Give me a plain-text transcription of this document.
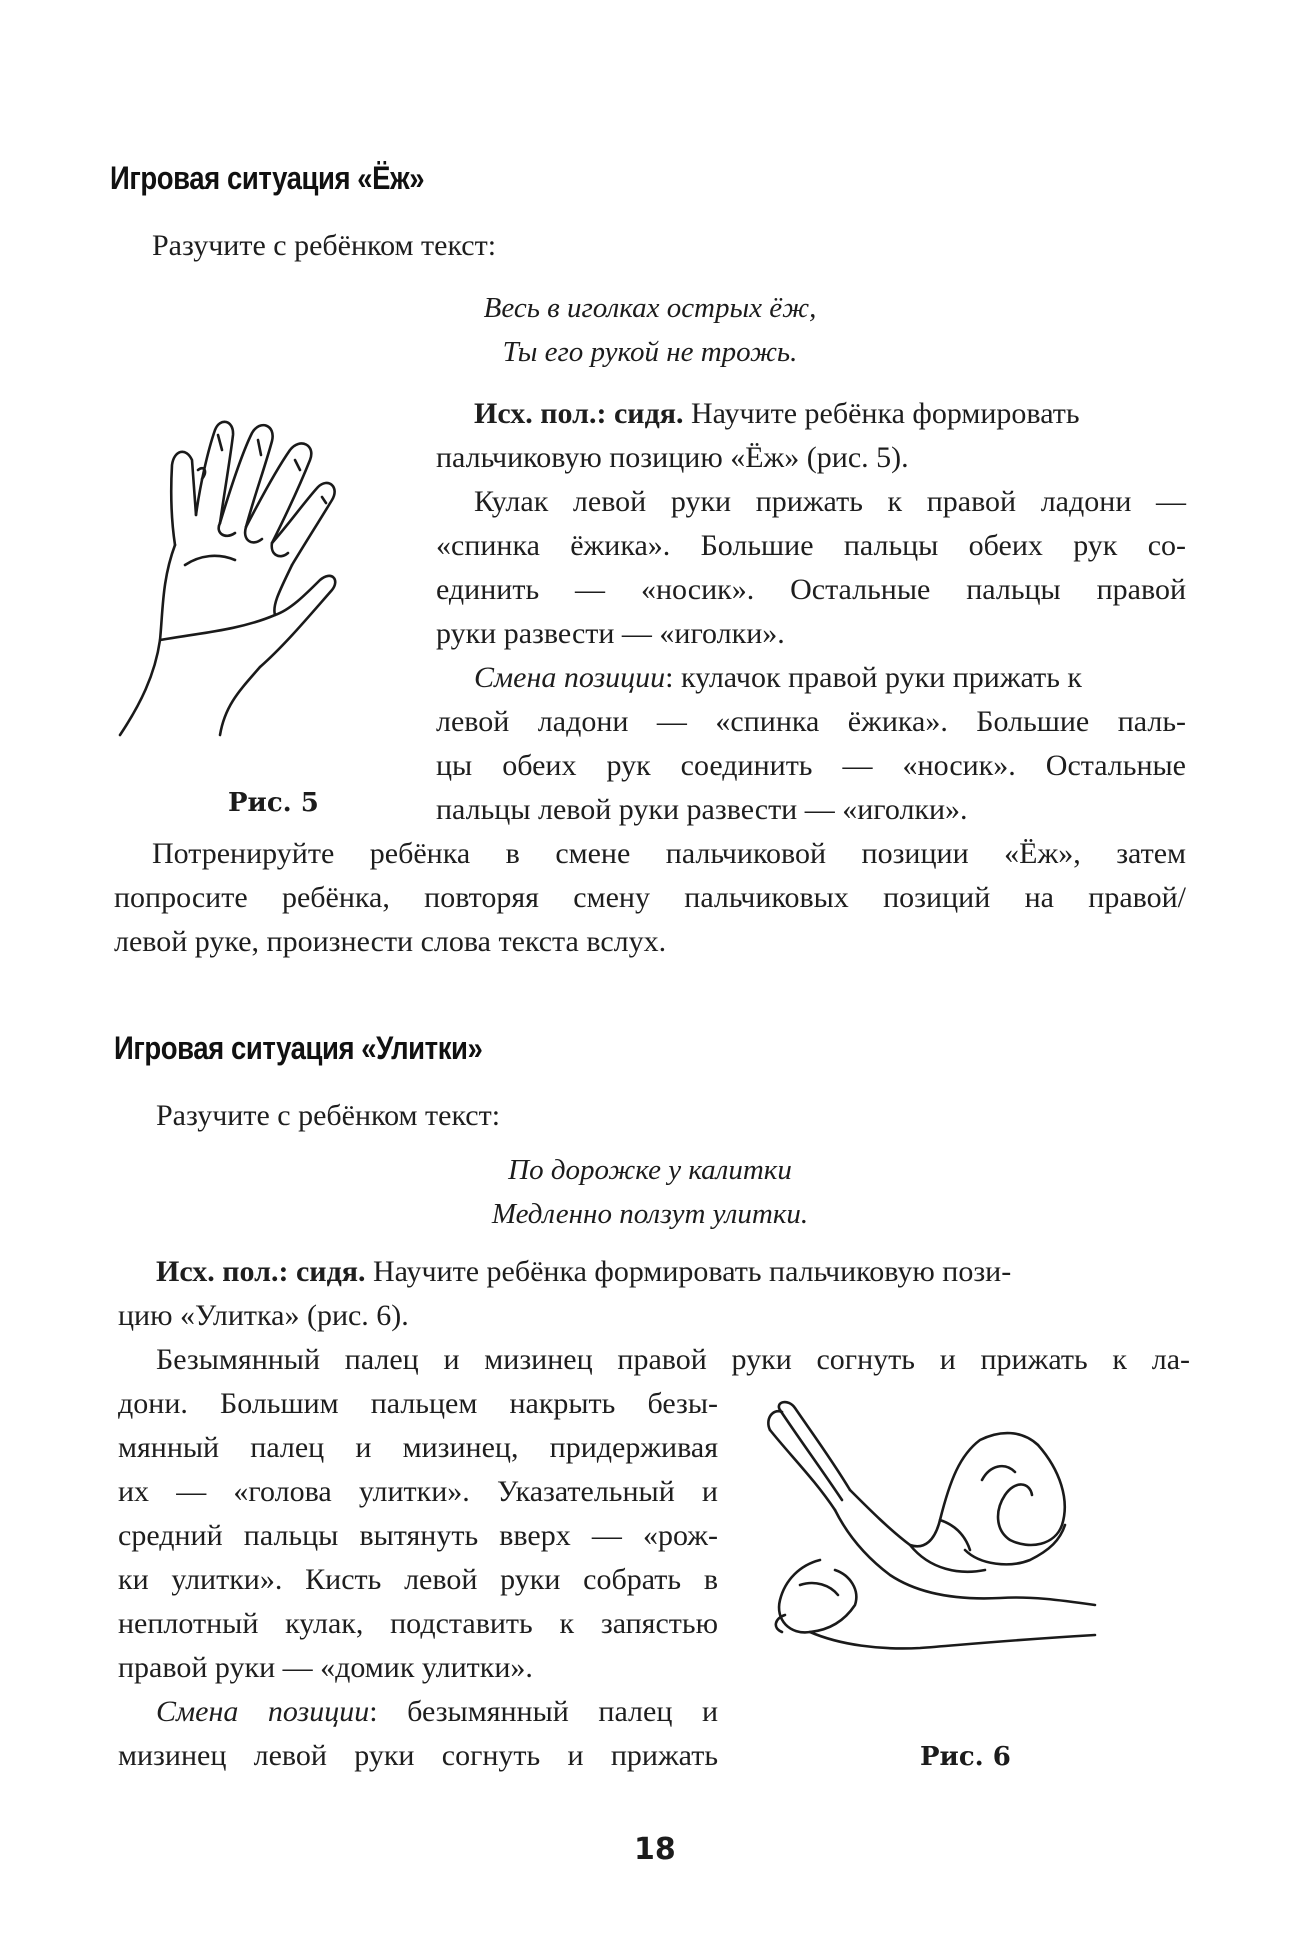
Игровая ситуация «Ёж»
Разучите с ребёнком текст:
Весь в иголках острых ёж,
Ты его рукой не трожь.
Рис. 5
Исх. пол.: сидя. Научите ребёнка формировать
пальчиковую позицию «Ёж» (рис. 5).
Кулак левой руки прижать к правой ладони —
«спинка ёжика». Большие пальцы обеих рук со-
единить — «носик». Остальные пальцы правой
руки развести — «иголки».
Смена позиции: кулачок правой руки прижать к
левой ладони — «спинка ёжика». Большие паль-
цы обеих рук соединить — «носик». Остальные
пальцы левой руки развести — «иголки».
Потренируйте ребёнка в смене пальчиковой позиции «Ёж», затем
попросите ребёнка, повторяя смену пальчиковых позиций на правой/
левой руке, произнести слова текста вслух.
Игровая ситуация «Улитки»
Разучите с ребёнком текст:
По дорожке у калитки
Медленно ползут улитки.
Исх. пол.: сидя. Научите ребёнка формировать пальчиковую пози-
цию «Улитка» (рис. 6).
Безымянный палец и мизинец правой руки согнуть и прижать к ла-
дони. Большим пальцем накрыть безы-
мянный палец и мизинец, придерживая
их — «голова улитки». Указательный и
средний пальцы вытянуть вверх — «рож-
ки улитки». Кисть левой руки собрать в
неплотный кулак, подставить к запястью
правой руки — «домик улитки».
Смена позиции: безымянный палец и
мизинец левой руки согнуть и прижать	Рис. 6
18
